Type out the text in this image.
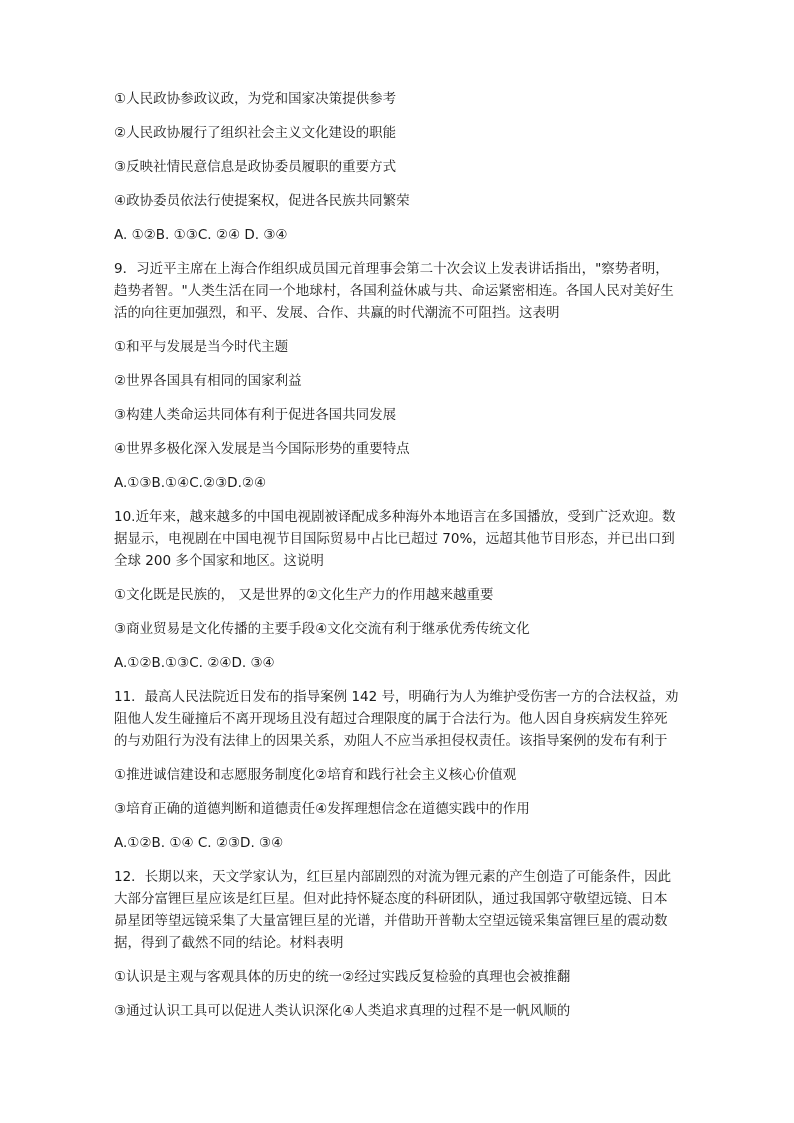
①人民政协参政议政，为党和国家决策提供参考

②人民政协履行了组织社会主义文化建设的职能

③反映社情民意信息是政协委员履职的重要方式

④政协委员依法行使提案权，促进各民族共同繁荣

A. ①②B. ①③C. ②④ D. ③④

9．习近平主席在上海合作组织成员国元首理事会第二十次会议上发表讲话指出，"察势者明，

趋势者智。"人类生活在同一个地球村，各国利益休戚与共、命运紧密相连。各国人民对美好生

活的向往更加强烈，和平、发展、合作、共赢的时代潮流不可阻挡。这表明

①和平与发展是当今时代主题

②世界各国具有相同的国家利益

③构建人类命运共同体有利于促进各国共同发展

④世界多极化深入发展是当今国际形势的重要特点

A.①③B.①④C.②③D.②④

10.近年来，越来越多的中国电视剧被译配成多种海外本地语言在多国播放，受到广泛欢迎。数

据显示，电视剧在中国电视节目国际贸易中占比已超过 70%，远超其他节目形态，并已出口到

全球 200 多个国家和地区。这说明

①文化既是民族的， 又是世界的②文化生产力的作用越来越重要

③商业贸易是文化传播的主要手段④文化交流有利于继承优秀传统文化

A.①②B.①③C. ②④D. ③④

11．最高人民法院近日发布的指导案例 142 号，明确行为人为维护受伤害一方的合法权益，劝

阻他人发生碰撞后不离开现场且没有超过合理限度的属于合法行为。他人因自身疾病发生猝死

的与劝阻行为没有法律上的因果关系，劝阻人不应当承担侵权责任。该指导案例的发布有利于

①推进诚信建设和志愿服务制度化②培育和践行社会主义核心价值观

③培育正确的道德判断和道德责任④发挥理想信念在道德实践中的作用

A.①②B. ①④ C. ②③D. ③④

12．长期以来，天文学家认为，红巨星内部剧烈的对流为锂元素的产生创造了可能条件，因此

大部分富锂巨星应该是红巨星。但对此持怀疑态度的科研团队，通过我国郭守敬望远镜、日本

昴星团等望远镜采集了大量富锂巨星的光谱，并借助开普勒太空望远镜采集富锂巨星的震动数

据，得到了截然不同的结论。材料表明

①认识是主观与客观具体的历史的统一②经过实践反复检验的真理也会被推翻

③通过认识工具可以促进人类认识深化④人类追求真理的过程不是一帆风顺的
